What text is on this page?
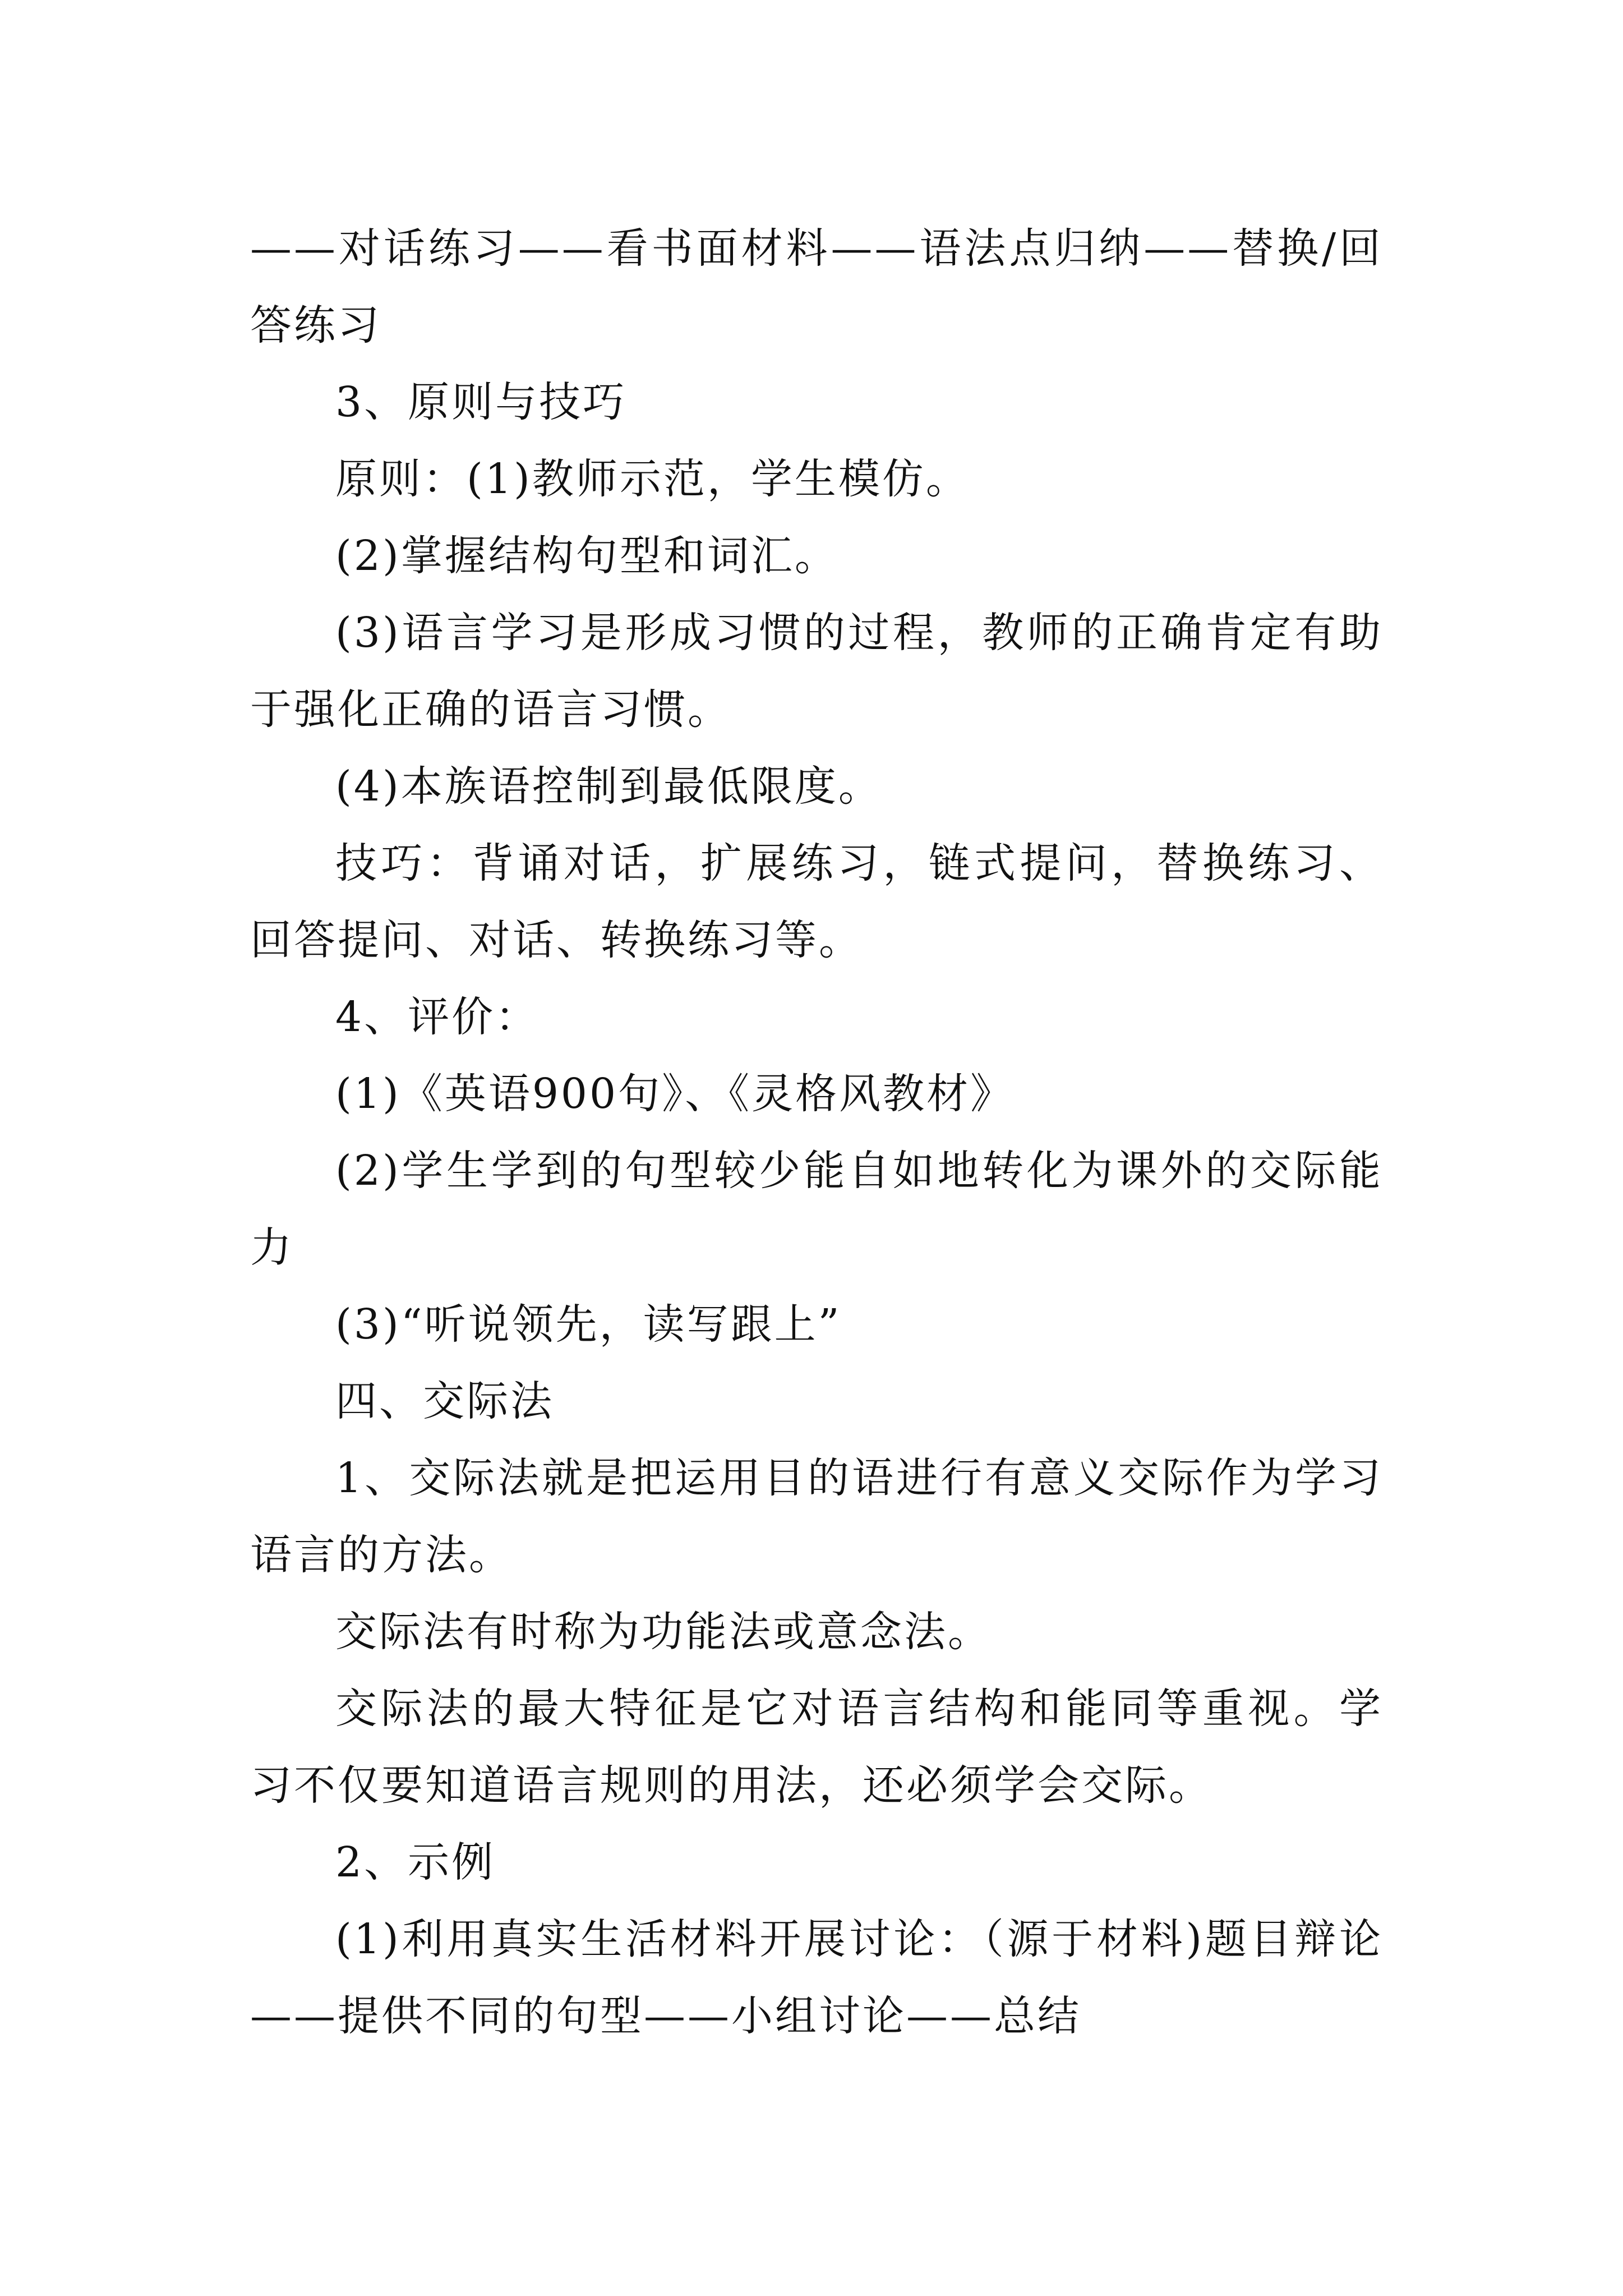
——对话练习——看书面材料——语法点归纳——替换/回答练习

3、原则与技巧

原则：(1)教师示范，学生模仿。

(2)掌握结构句型和词汇。

(3)语言学习是形成习惯的过程，教师的正确肯定有助于强化正确的语言习惯。

(4)本族语控制到最低限度。

技巧：背诵对话，扩展练习，链式提问，替换练习、回答提问、对话、转换练习等。

4、评价：

(1)《英语900句》、《灵格风教材》

(2)学生学到的句型较少能自如地转化为课外的交际能力

(3)“听说领先，读写跟上”

四、交际法

1、交际法就是把运用目的语进行有意义交际作为学习语言的方法。

交际法有时称为功能法或意念法。

交际法的最大特征是它对语言结构和能同等重视。学习不仅要知道语言规则的用法，还必须学会交际。

2、示例

(1)利用真实生活材料开展讨论：（源于材料)题目辩论——提供不同的句型——小组讨论——总结
